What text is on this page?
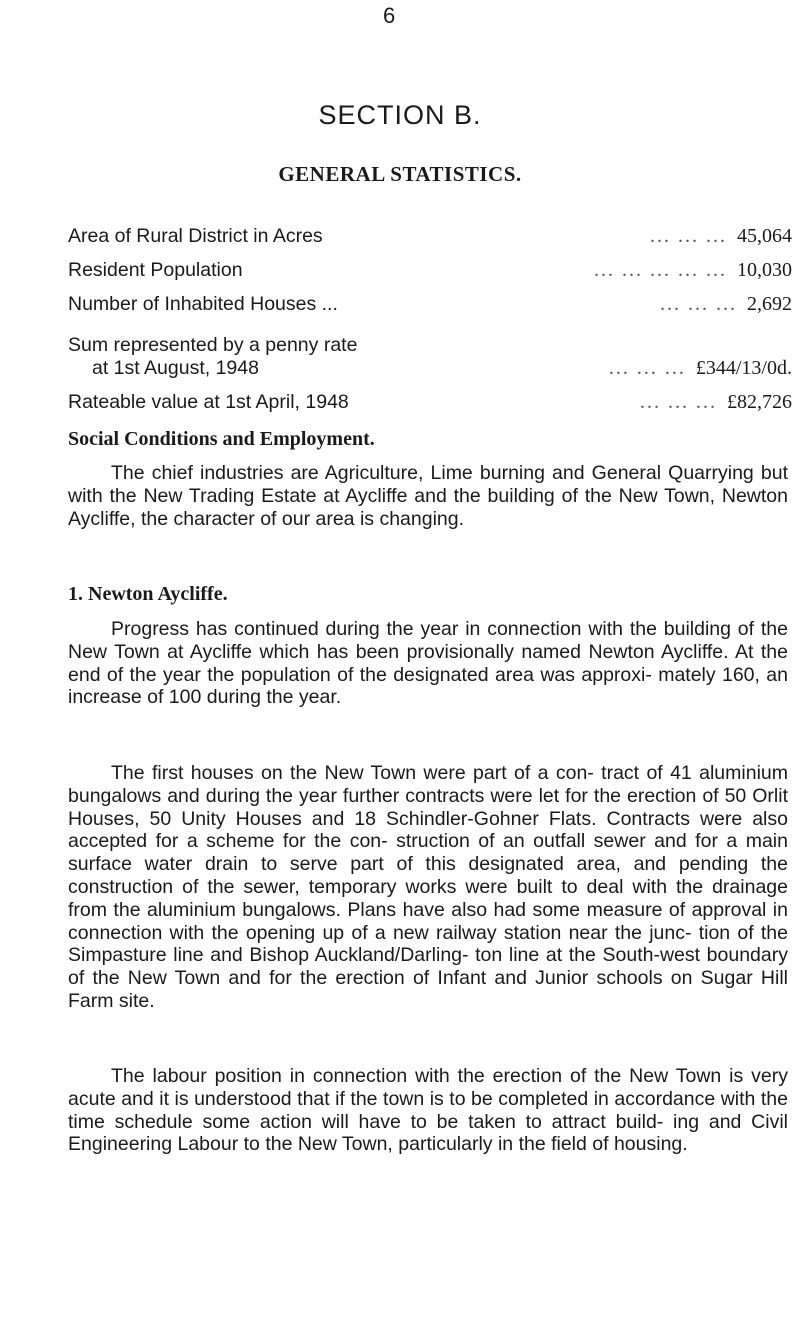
6
SECTION B.
GENERAL STATISTICS.
Area of Rural District in Acres	... ... ... 45,064
Resident Population	... ... ... ... ... 10,030
Number of Inhabited Houses ...	... ... ... 2,692
Sum represented by a penny rate
at 1st August, 1948	... ... ... £344/13/0d.
Rateable value at 1st April, 1948	... ... ... £82,726
Social Conditions and Employment.

The chief industries are Agriculture, Lime burning and General Quarrying but with the New Trading Estate at Aycliffe and the building of the New Town, Newton Aycliffe, the character of our area is changing.

1. Newton Aycliffe.

Progress has continued during the year in connection with the building of the New Town at Aycliffe which has been provisionally named Newton Aycliffe. At the end of the year the population of the designated area was approxi- mately 160, an increase of 100 during the year.

The first houses on the New Town were part of a con- tract of 41 aluminium bungalows and during the year further contracts were let for the erection of 50 Orlit Houses, 50 Unity Houses and 18 Schindler-Gohner Flats. Contracts were also accepted for a scheme for the con- struction of an outfall sewer and for a main surface water drain to serve part of this designated area, and pending the construction of the sewer, temporary works were built to deal with the drainage from the aluminium bungalows. Plans have also had some measure of approval in connection with the opening up of a new railway station near the junc- tion of the Simpasture line and Bishop Auckland/Darling- ton line at the South-west boundary of the New Town and for the erection of Infant and Junior schools on Sugar Hill Farm site.

The labour position in connection with the erection of the New Town is very acute and it is understood that if the town is to be completed in accordance with the time schedule some action will have to be taken to attract build- ing and Civil Engineering Labour to the New Town, particularly in the field of housing.
